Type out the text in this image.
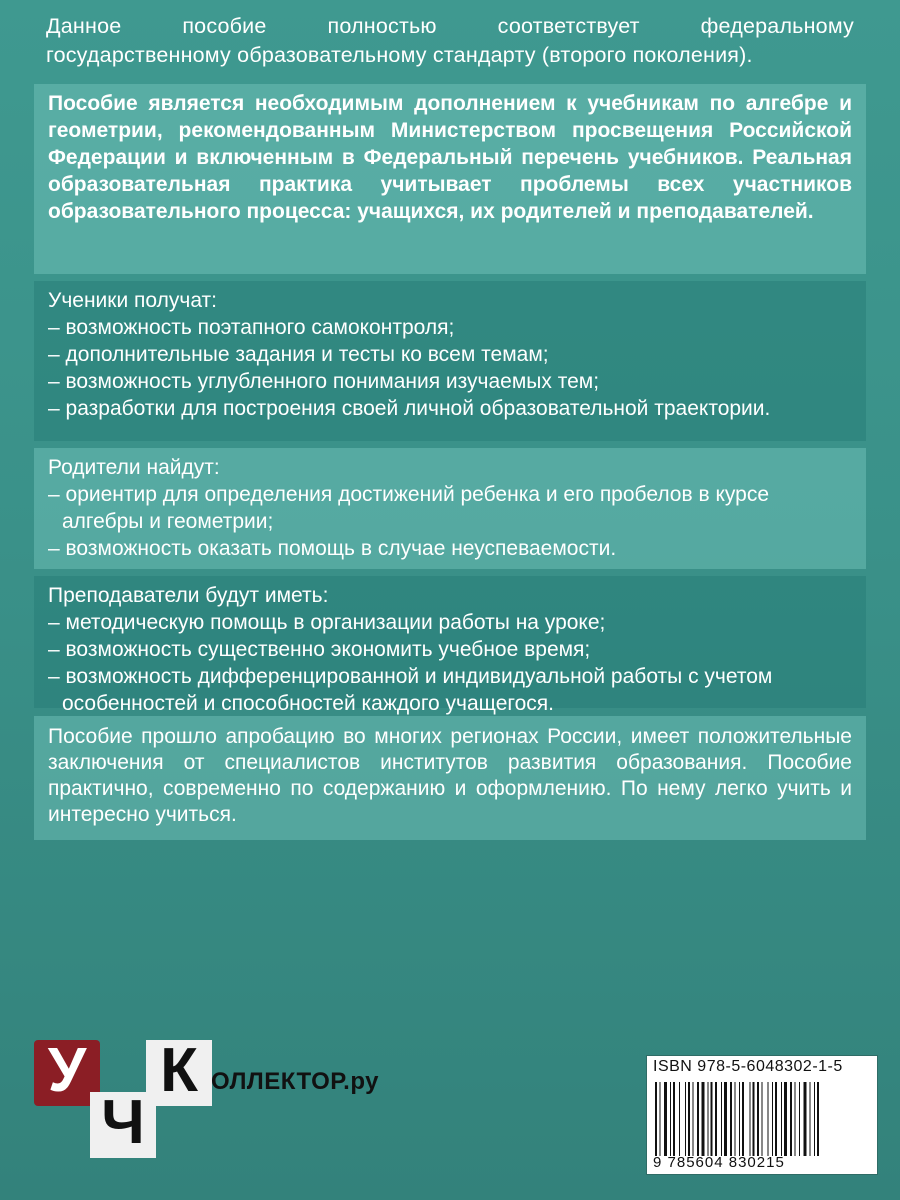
Данное пособие полностью соответствует федеральному
государственному образовательному стандарту (второго поколения).
Пособие является необходимым дополнением к учебникам по алгебре и геометрии, рекомендованным Министерством просвещения Российской Федерации и включенным в Федеральный перечень учебников. Реальная образовательная практика учитывает проблемы всех участников образовательного процесса: учащихся, их родителей и преподавателей.

Ученики получат:

– возможность поэтапного самоконтроля;

– дополнительные задания и тесты ко всем темам;

– возможность углубленного понимания изучаемых тем;

– разработки для построения своей личной образовательной траектории.

Родители найдут:

– ориентир для определения достижений ребенка и его пробелов в курсе алгебры и геометрии;

– возможность оказать помощь в случае неуспеваемости.

Преподаватели будут иметь:

– методическую помощь в организации работы на уроке;

– возможность существенно экономить учебное время;

– возможность дифференцированной и индивидуальной работы с учетом особенностей и способностей каждого учащегося.

Пособие прошло апробацию во многих регионах России, имеет положительные заключения от специалистов институтов развития образования. Пособие практично, современно по содержанию и оформлению. По нему легко учить и интересно учиться.
У
Ч
К ОЛЛЕКТОР.ру
ISBN 978-5-6048302-1-5
9 785604 830215
